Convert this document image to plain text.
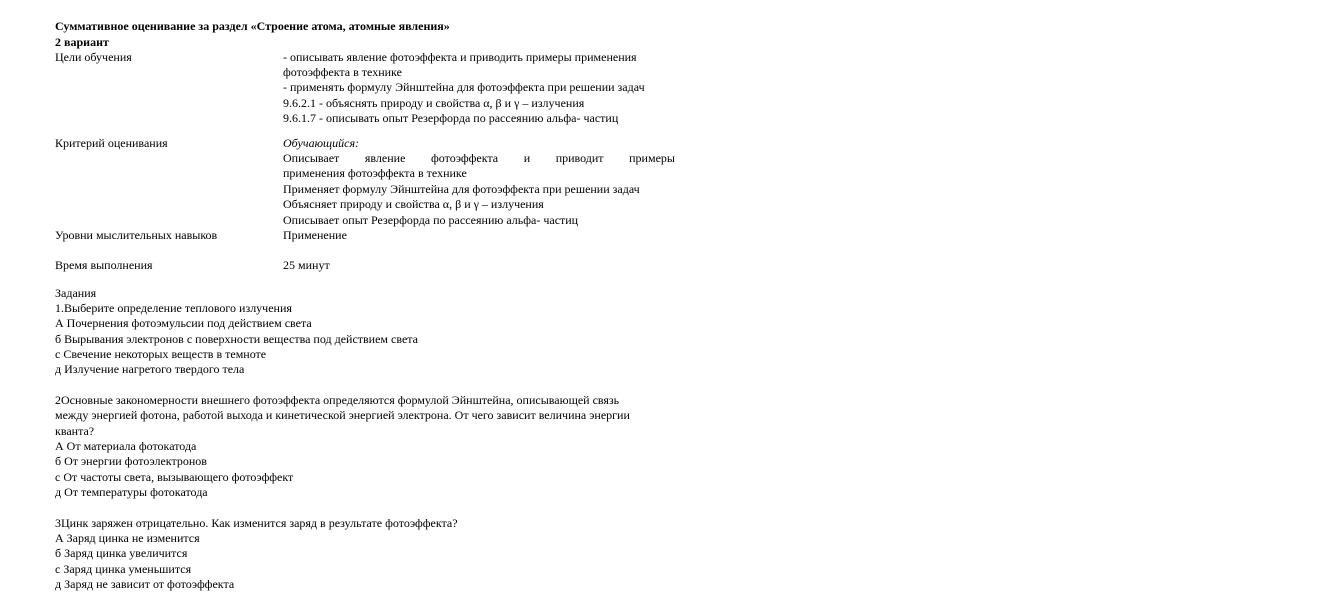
Суммативное оценивание за раздел «Строение атома, атомные явления»
2 вариант
Цели обучения	- описывать явление фотоэффекта и приводить примеры применения
фотоэффекта в технике
- применять формулу Эйнштейна для фотоэффекта при решении задач
9.6.2.1 - объяснять природу и свойства α, β и γ – излучения
9.6.1.7 - описывать опыт Резерфорда по рассеянию альфа- частиц
Критерий оценивания	Обучающийся:
Описывает явление фотоэффекта и приводит примеры
применения фотоэффекта в технике
Применяет формулу Эйнштейна для фотоэффекта при решении задач
Объясняет природу и свойства α, β и γ – излучения
Описывает опыт Резерфорда по рассеянию альфа- частиц
Уровни мыслительных навыков	Применение
Время выполнения	25 минут
Задания
1.Выберите определение теплового излучения
А Почернения фотоэмульсии под действием света
б Вырывания электронов с поверхности вещества под действием света
с Свечение некоторых веществ в темноте
д Излучение нагретого твердого тела
2Основные закономерности внешнего фотоэффекта определяются формулой Эйнштейна, описывающей связь
между энергией фотона, работой выхода и кинетической энергией электрона. От чего зависит величина энергии
кванта?
А От материала фотокатода
б От энергии фотоэлектронов
с От частоты света, вызывающего фотоэффект
д От температуры фотокатода
3Цинк заряжен отрицательно. Как изменится заряд в результате фотоэффекта?
А Заряд цинка не изменится
б Заряд цинка увеличится
с Заряд цинка уменьшится
д Заряд не зависит от фотоэффекта
